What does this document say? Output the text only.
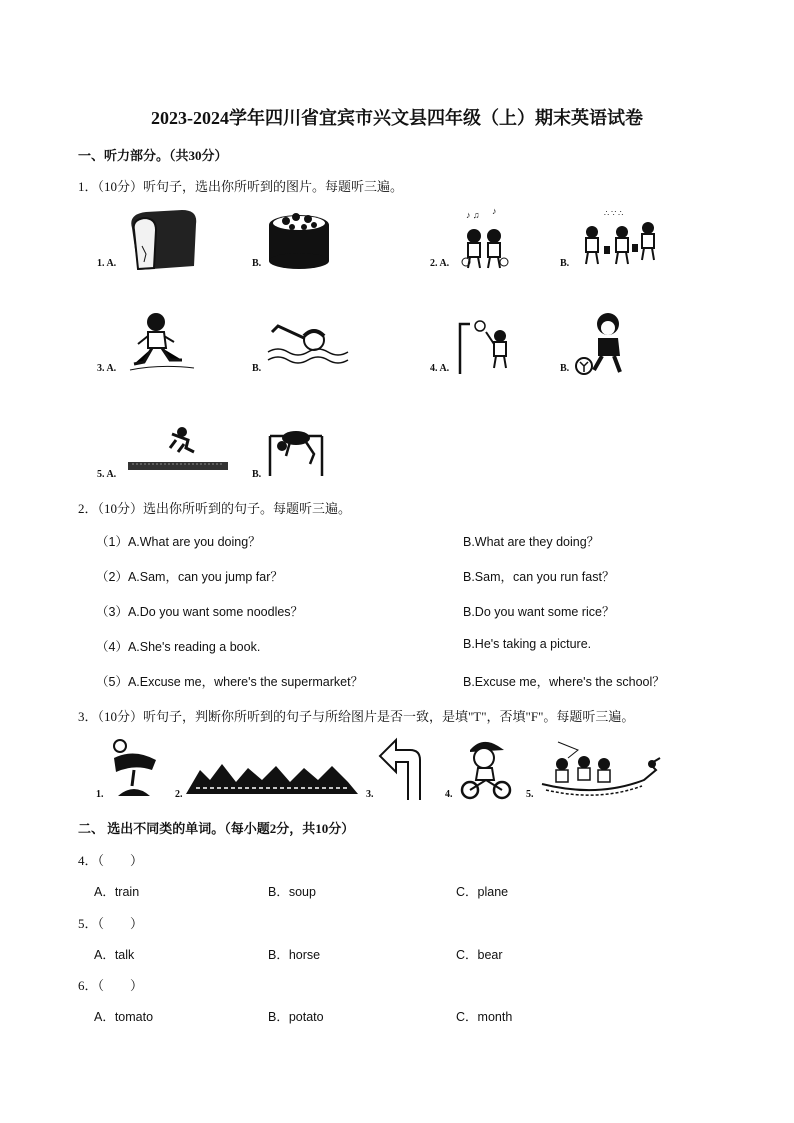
2023-2024学年四川省宜宾市兴文县四年级（上）期末英语试卷
一、听力部分。（共30分）
1．（10分）听句子，选出你所听到的图片。每题听三遍。
1. A.	B.	2. A.	B.
3. A.	B.	4. A.	B.
5. A.	B.
♪ ♫ ♪	∴ ∵ ∴
2．（10分）选出你所听到的句子。每题听三遍。
（1）A.What are you doing？	B.What are they doing？
（2）A.Sam，can you jump far？	B.Sam，can you run fast？
（3）A.Do you want some noodles？	B.Do you want some rice？
（4）A.She's reading a book.	B.He's taking a picture.
（5）A.Excuse me，where's the supermarket？	B.Excuse me，where's the school？
3．（10分）听句子，判断你所听到的句子与所给图片是否一致，是填"T"，否填"F"。每题听三遍。
1.	2.	3.	4.	5.
二、 选出不同类的单词。（每小题2分，共10分）
4．（　　）
A．train	B．soup	C．plane
5．（　　）
A．talk	B．horse	C．bear
6．（　　）
A．tomato	B．potato	C．month
